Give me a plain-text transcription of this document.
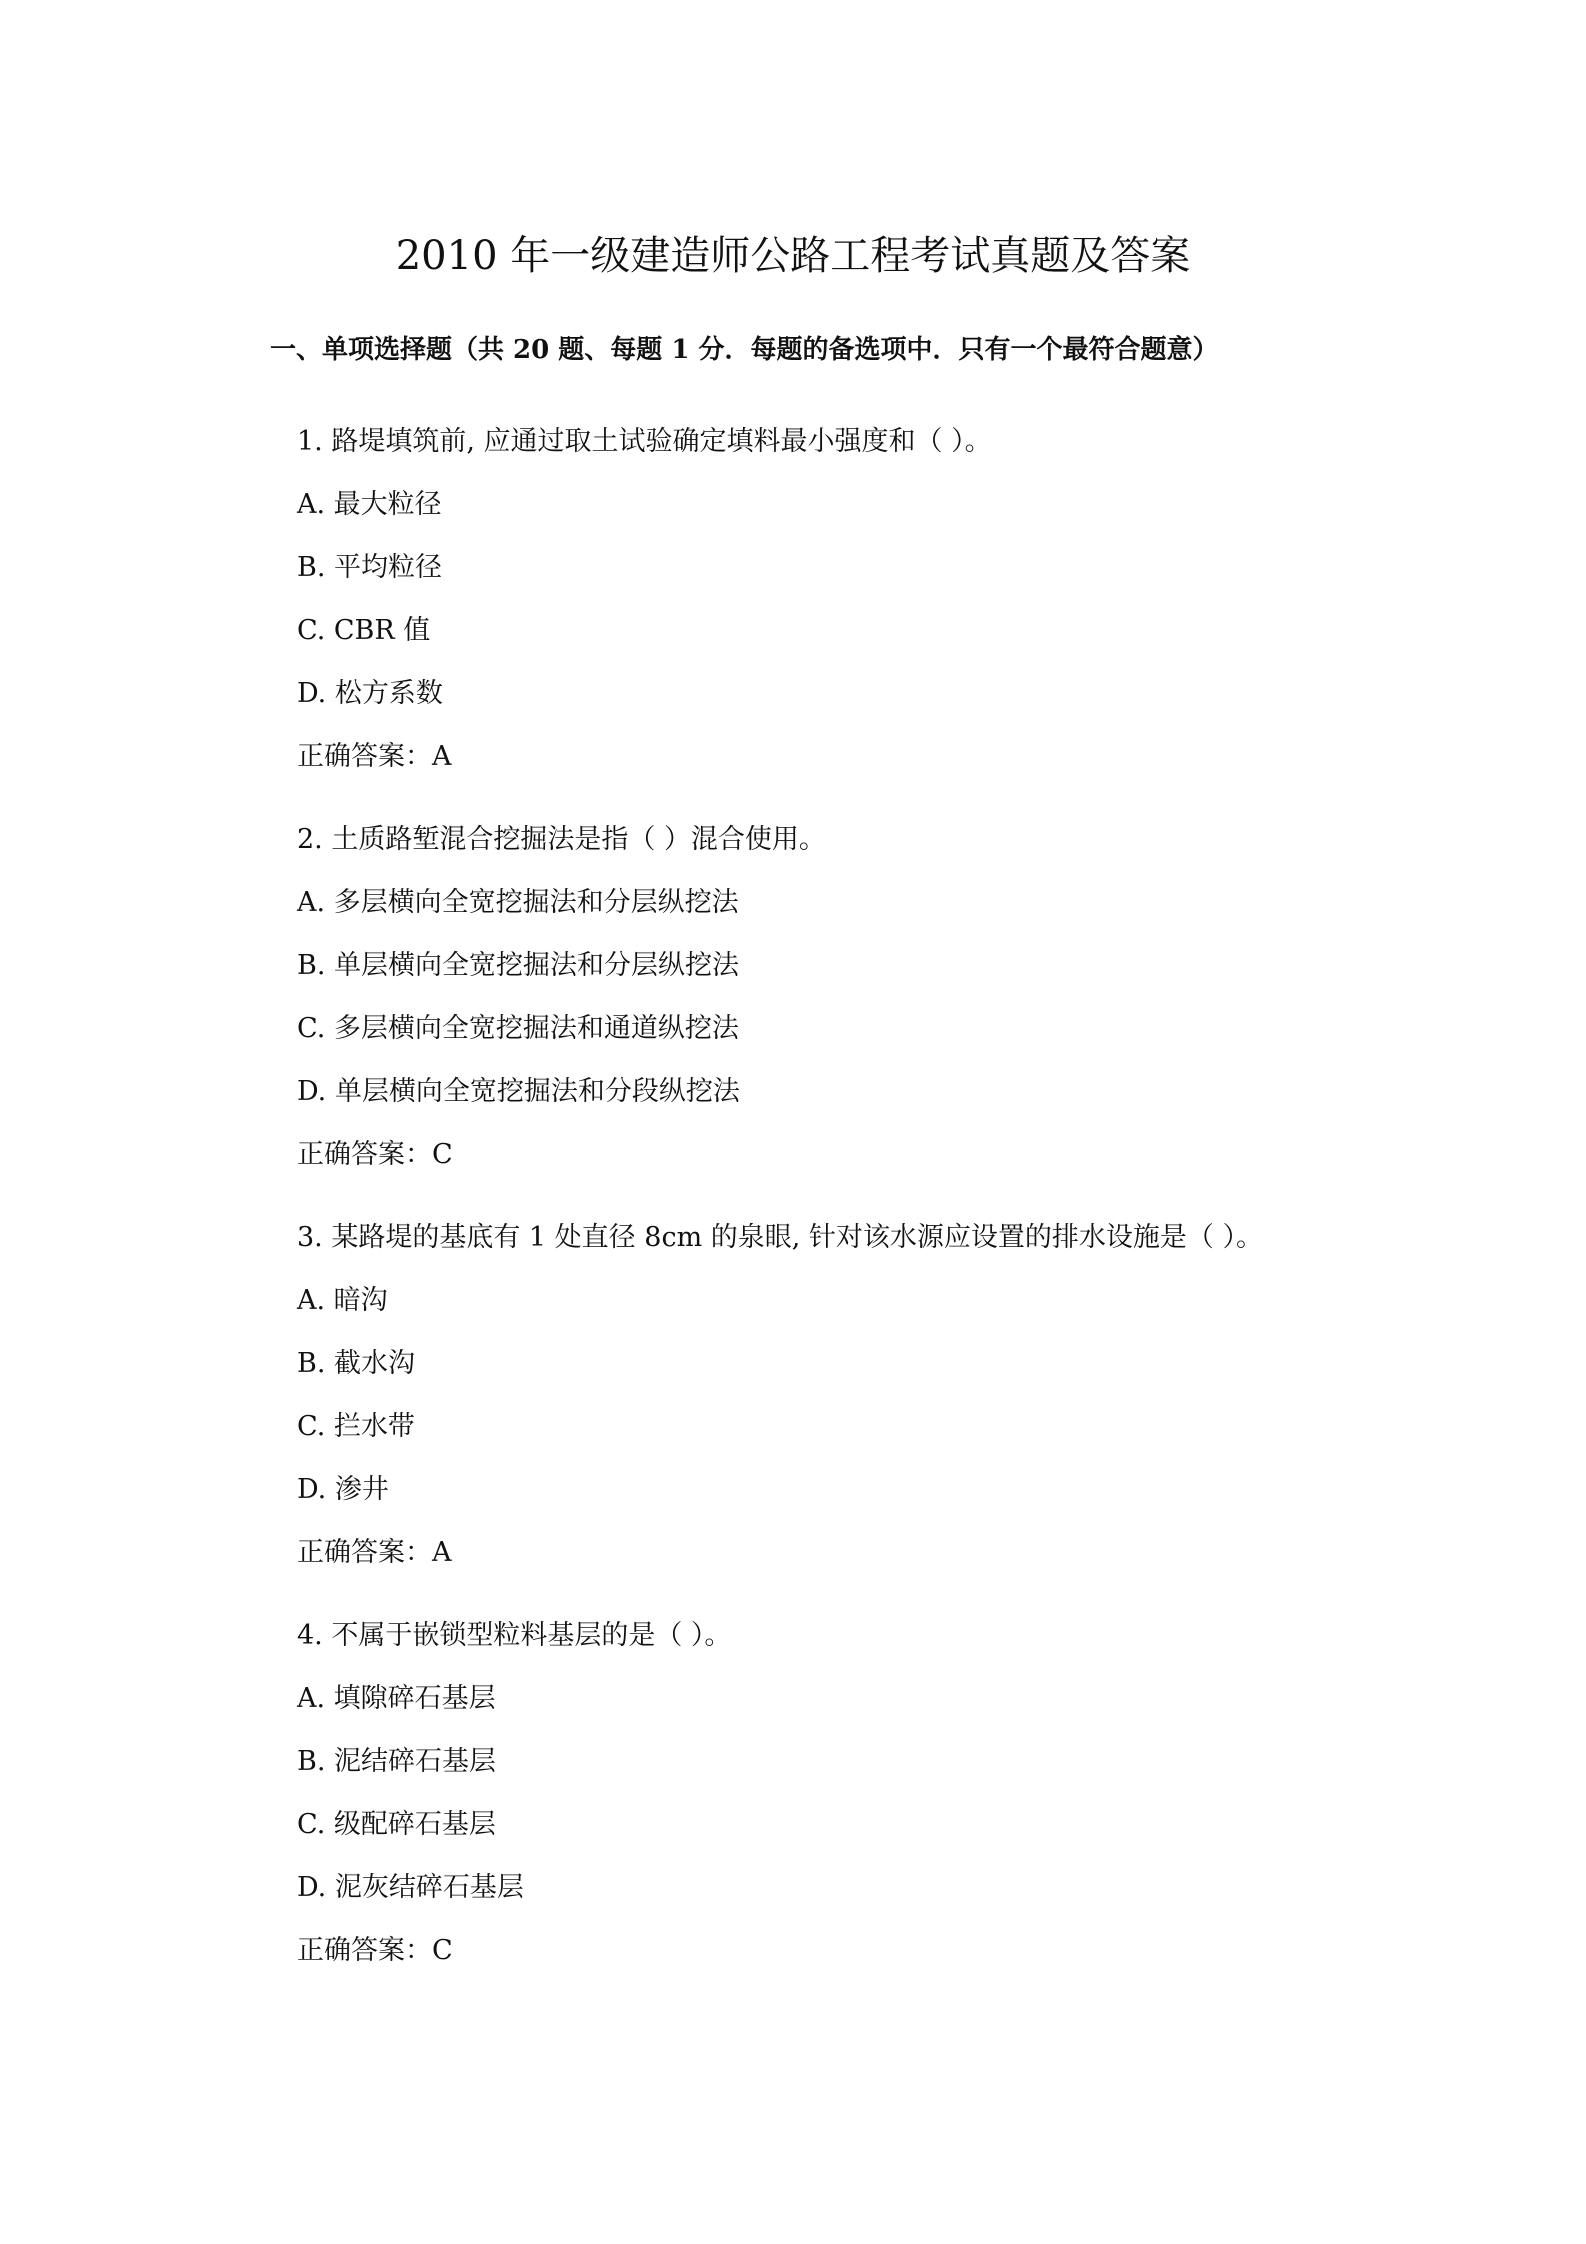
2010 年一级建造师公路工程考试真题及答案
一、单项选择题（共 20 题、每题 1 分．每题的备选项中．只有一个最符合题意）

1. 路堤填筑前, 应通过取土试验确定填料最小强度和（ ）。

A. 最大粒径

B. 平均粒径

C. CBR 值

D. 松方系数

正确答案：A

2. 土质路堑混合挖掘法是指（ ）混合使用。

A. 多层横向全宽挖掘法和分层纵挖法

B. 单层横向全宽挖掘法和分层纵挖法

C. 多层横向全宽挖掘法和通道纵挖法

D. 单层横向全宽挖掘法和分段纵挖法

正确答案：C

3. 某路堤的基底有 1 处直径 8cm 的泉眼, 针对该水源应设置的排水设施是（ ）。

A. 暗沟

B. 截水沟

C. 拦水带

D. 渗井

正确答案：A

4. 不属于嵌锁型粒料基层的是（ ）。

A. 填隙碎石基层

B. 泥结碎石基层

C. 级配碎石基层

D. 泥灰结碎石基层

正确答案：C
